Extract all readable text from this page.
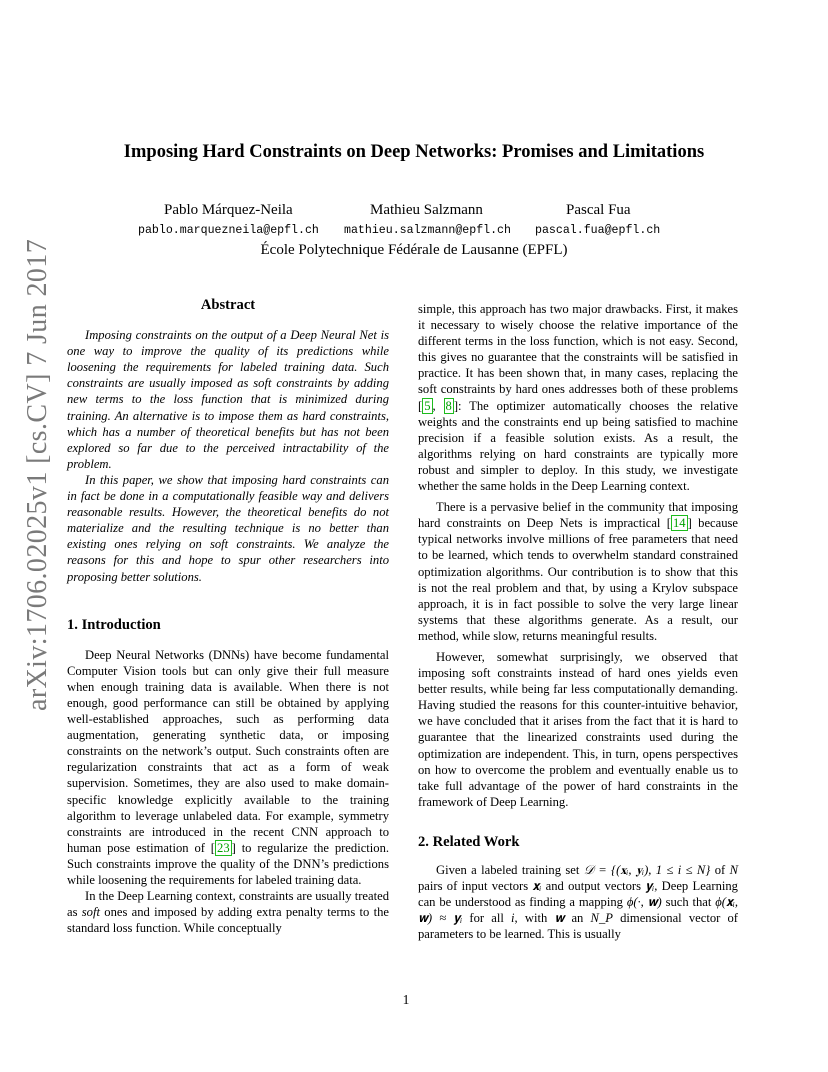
Imposing Hard Constraints on Deep Networks: Promises and Limitations
Pablo Márquez-Neila	Mathieu Salzmann	Pascal Fua
pablo.marquezneila@epfl.ch mathieu.salzmann@epfl.ch pascal.fua@epfl.ch
École Polytechnique Fédérale de Lausanne (EPFL)
arXiv:1706.02025v1 [cs.CV] 7 Jun 2017	Abstract

Imposing constraints on the output of a Deep Neural Net is one way to improve the quality of its predictions while loosening the requirements for labeled training data. Such constraints are usually imposed as soft constraints by adding new terms to the loss function that is minimized during training. An alternative is to impose them as hard constraints, which has a number of theoretical benefits but has not been explored so far due to the perceived intractability of the problem.

In this paper, we show that imposing hard constraints can in fact be done in a computationally feasible way and delivers reasonable results. However, the theoretical benefits do not materialize and the resulting technique is no better than existing ones relying on soft constraints. We analyze the reasons for this and hope to spur other researchers into proposing better solutions.

1. Introduction

Deep Neural Networks (DNNs) have become fundamental Computer Vision tools but can only give their full measure when enough training data is available. When there is not enough, good performance can still be obtained by applying well-established approaches, such as performing data augmentation, generating synthetic data, or imposing constraints on the network’s output. Such constraints often are regularization constraints that act as a form of weak supervision. Sometimes, they are also used to make domain-specific knowledge explicitly available to the training algorithm to leverage unlabeled data. For example, symmetry constraints are introduced in the recent CNN approach to human pose estimation of [ 23 ] to regularize the prediction. Such constraints improve the quality of the DNN’s predictions while loosening the requirements for labeled training data.

In the Deep Learning context, constraints are usually treated as soft ones and imposed by adding extra penalty terms to the standard loss function. While conceptually

simple, this approach has two major drawbacks. First, it makes it necessary to wisely choose the relative importance of the different terms in the loss function, which is not easy. Second, this gives no guarantee that the constraints will be satisfied in practice. It has been shown that, in many cases, replacing the soft constraints by hard ones addresses both of these problems [ 5 , 8 ]: The optimizer automatically chooses the relative weights and the constraints end up being satisfied to machine precision if a feasible solution exists. As a result, the algorithms relying on hard constraints are typically more robust and simpler to deploy. In this study, we investigate whether the same holds in the Deep Learning context.

There is a pervasive belief in the community that imposing hard constraints on Deep Nets is impractical [ 14 ] because typical networks involve millions of free parameters that need to be learned, which tends to overwhelm standard constrained optimization algorithms. Our contribution is to show that this is not the real problem and that, by using a Krylov subspace approach, it is in fact possible to solve the very large linear systems that these algorithms generate. As a result, our method, while slow, returns meaningful results.

However, somewhat surprisingly, we observed that imposing soft constraints instead of hard ones yields even better results, while being far less computationally demanding. Having studied the reasons for this counter-intuitive behavior, we have concluded that it arises from the fact that it is hard to guarantee that the linearized constraints used during the optimization are independent. This, in turn, opens perspectives on how to overcome the problem and eventually enable us to take full advantage of the power of hard constraints in the framework of Deep Learning.

2. Related Work

Given a labeled training set 𝒟 = {(𝐱ᵢ, 𝐲ᵢ), 1 ≤ i ≤ N} of N pairs of input vectors 𝐱ᵢ and output vectors 𝐲ᵢ, Deep Learning can be understood as finding a mapping ϕ(·, 𝐰) such that ϕ(𝐱ᵢ, 𝐰) ≈ 𝐲ᵢ for all i, with 𝐰 an N_P dimensional vector of parameters to be learned. This is usually

1
